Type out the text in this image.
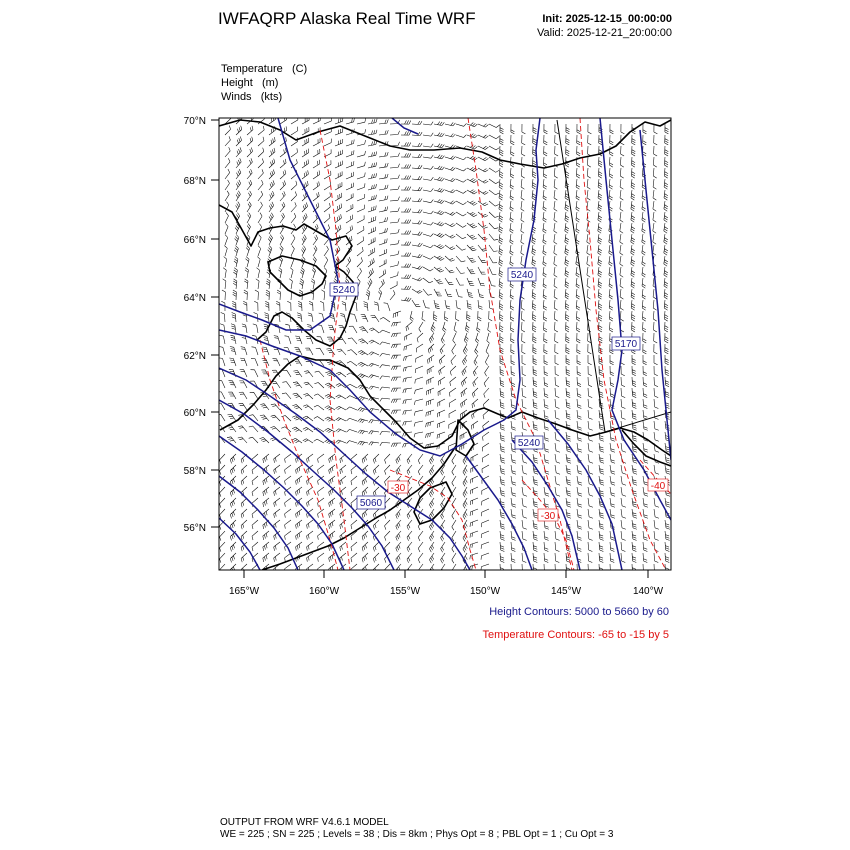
IWFAQRP Alaska Real Time WRF	Init: 2025-12-15_00:00:00
Valid: 2025-12-21_20:00:00
Temperature (C)
Height (m)
Winds (kts)
5240
5240
5170
5240
5060
-30
-30
-40
70°N
68°N
66°N
64°N
62°N
60°N
58°N
56°N
165°W	160°W	155°W	150°W	145°W	140°W
Height Contours: 5000 to 5660 by 60
Temperature Contours: -65 to -15 by 5
OUTPUT FROM WRF V4.6.1 MODEL
WE = 225 ; SN = 225 ; Levels = 38 ; Dis = 8km ; Phys Opt = 8 ; PBL Opt = 1 ; Cu Opt = 3
